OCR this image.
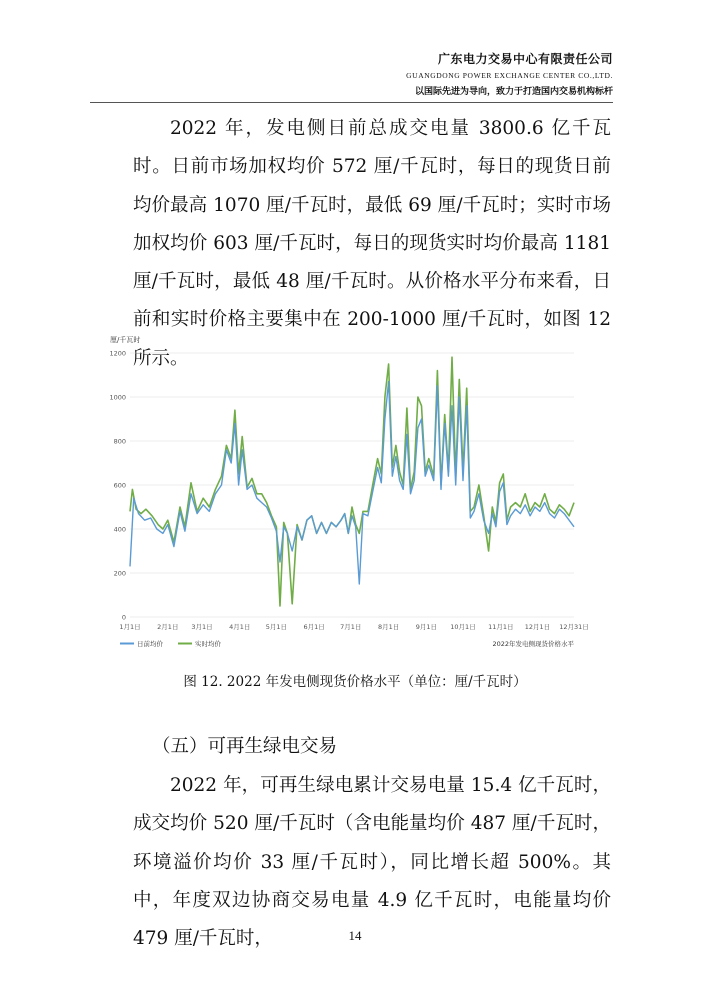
广东电力交易中心有限责任公司
GUANGDONG POWER EXCHANGE CENTER CO.,LTD.
以国际先进为导向，致力于打造国内交易机构标杆
2022 年，发电侧日前总成交电量 3800.6 亿千瓦时。日前市场加权均价 572 厘/千瓦时，每日的现货日前均价最高 1070 厘/千瓦时，最低 69 厘/千瓦时；实时市场加权均价 603 厘/千瓦时，每日的现货实时均价最高 1181 厘/千瓦时，最低 48 厘/千瓦时。从价格水平分布来看，日前和实时价格主要集中在 200-1000 厘/千瓦时，如图 12 所示。
厘/千瓦时
0
200
400
600
800
1000
1200
1月1日	2月1日 3月1日	4月1日 5月1日	6月1日 7月1日	8月1日	9月1日 10月1日 11月1日 12月1日 12月31日
日前均价	实时均价	2022年发电侧现货价格水平
图 12. 2022 年发电侧现货价格水平（单位：厘/千瓦时）
（五）可再生绿电交易
2022 年，可再生绿电累计交易电量 15.4 亿千瓦时，成交均价 520 厘/千瓦时（含电能量均价 487 厘/千瓦时，环境溢价均价 33 厘/千瓦时），同比增长超 500%。其中，年度双边协商交易电量 4.9 亿千瓦时，电能量均价 479 厘/千瓦时，	14
